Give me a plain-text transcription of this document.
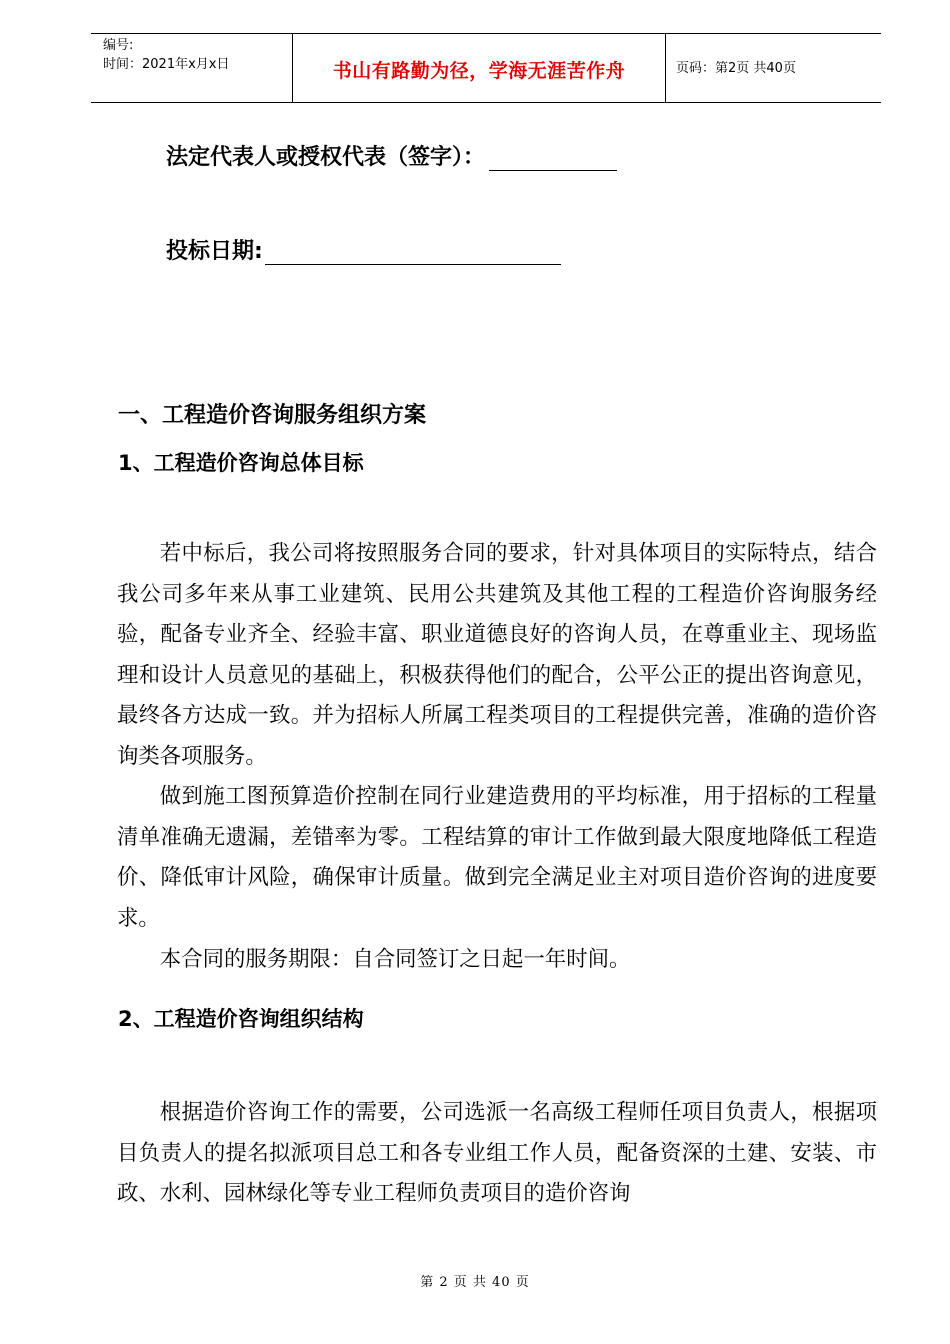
编号:
时间：2021年x月x日	书山有路勤为径，学海无涯苦作舟	页码：第2页 共40页
法定代表人或授权代表（签字）：
投标日期:
一、工程造价咨询服务组织方案
1、工程造价咨询总体目标

若中标后，我公司将按照服务合同的要求，针对具体项目的实际特点，结合我公司多年来从事工业建筑、民用公共建筑及其他工程的工程造价咨询服务经验，配备专业齐全、经验丰富、职业道德良好的咨询人员，在尊重业主、现场监理和设计人员意见的基础上，积极获得他们的配合，公平公正的提出咨询意见，最终各方达成一致。并为招标人所属工程类项目的工程提供完善，准确的造价咨询类各项服务。

做到施工图预算造价控制在同行业建造费用的平均标准，用于招标的工程量清单准确无遗漏，差错率为零。工程结算的审计工作做到最大限度地降低工程造价、降低审计风险，确保审计质量。做到完全满足业主对项目造价咨询的进度要求。

本合同的服务期限：自合同签订之日起一年时间。

2、工程造价咨询组织结构

根据造价咨询工作的需要，公司选派一名高级工程师任项目负责人，根据项目负责人的提名拟派项目总工和各专业组工作人员，配备资深的土建、安装、市政、水利、园林绿化等专业工程师负责项目的造价咨询

第 2 页 共 40 页
